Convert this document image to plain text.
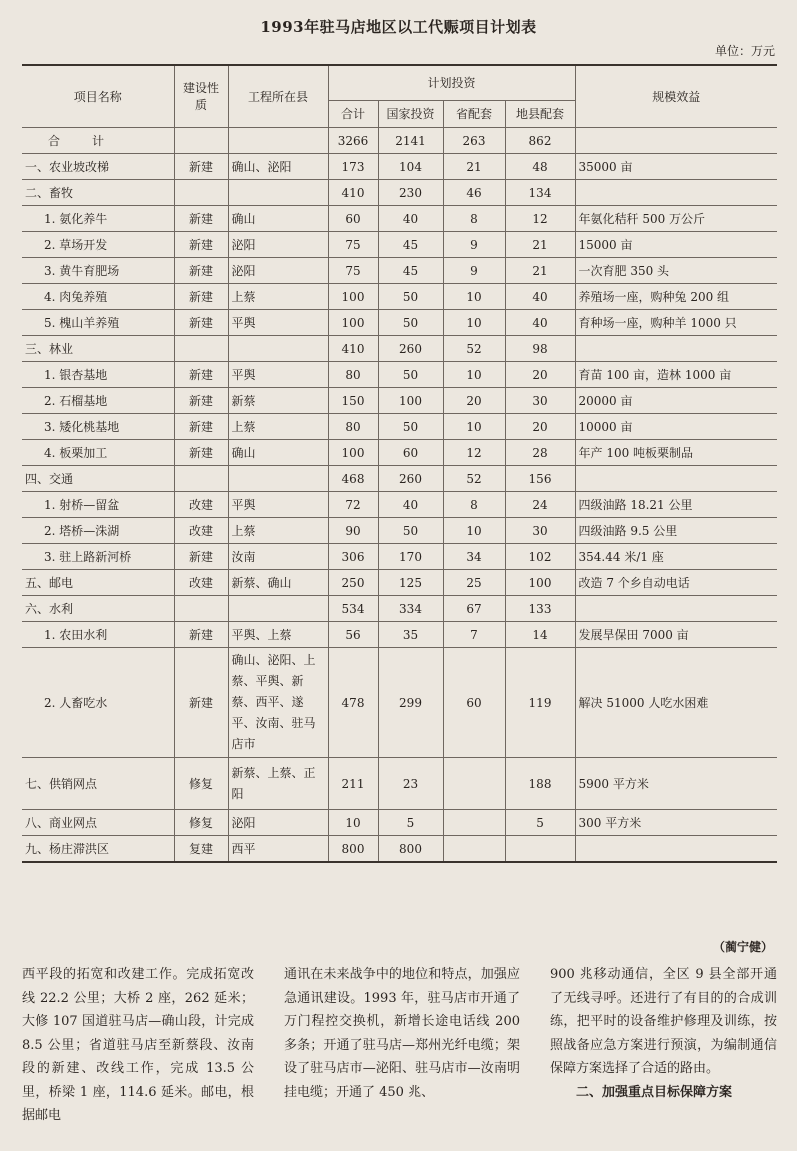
1993年驻马店地区以工代赈项目计划表
单位：万元
项目名称	建设性质	工程所在县	计划投资				规模效益
			合计	国家投资	省配套	地县配套	
合　计			3266	2141	263	862	
一、农业坡改梯	新建	确山、泌阳	173	104	21	48	35000 亩
二、畜牧			410	230	46	134	
1. 氨化养牛	新建	确山	60	40	8	12	年氨化秸秆 500 万公斤
2. 草场开发	新建	泌阳	75	45	9	21	15000 亩
3. 黄牛育肥场	新建	泌阳	75	45	9	21	一次育肥 350 头
4. 肉兔养殖	新建	上蔡	100	50	10	40	养殖场一座，购种兔 200 组
5. 槐山羊养殖	新建	平舆	100	50	10	40	育种场一座，购种羊 1000 只
三、林业			410	260	52	98	
1. 银杏基地	新建	平舆	80	50	10	20	育苗 100 亩，造林 1000 亩
2. 石榴基地	新建	新蔡	150	100	20	30	20000 亩
3. 矮化桃基地	新建	上蔡	80	50	10	20	10000 亩
4. 板栗加工	新建	确山	100	60	12	28	年产 100 吨板栗制品
四、交通			468	260	52	156	
1. 射桥—留盆	改建	平舆	72	40	8	24	四级油路 18.21 公里
2. 塔桥—洙湖	改建	上蔡	90	50	10	30	四级油路 9.5 公里
3. 驻上路新河桥	新建	汝南	306	170	34	102	354.44 米/1 座
五、邮电	改建	新蔡、确山	250	125	25	100	改造 7 个乡自动电话
六、水利			534	334	67	133	
1. 农田水利	新建	平舆、上蔡	56	35	7	14	发展旱保田 7000 亩
2. 人畜吃水	新建	确山、泌阳、上蔡、平舆、新蔡、西平、遂平、汝南、驻马店市	478	299	60	119	解决 51000 人吃水困难
七、供销网点	修复	新蔡、上蔡、正阳	211	23		188	5900 平方米
八、商业网点	修复	泌阳	10	5		5	300 平方米
九、杨庄滞洪区	复建	西平	800	800			
（蔺宁健）

西平段的拓宽和改建工作。完成拓宽改线 22.2 公里；大桥 2 座，262 延米；大修 107 国道驻马店—确山段，计完成 8.5 公里；省道驻马店至新蔡段、汝南段的新建、改线工作，完成 13.5 公里，桥梁 1 座，114.6 延米。邮电，根据邮电

通讯在未来战争中的地位和特点，加强应急通讯建设。1993 年，驻马店市开通了万门程控交换机，新增长途电话线 200 多条；开通了驻马店—郑州光纤电缆；架设了驻马店市—泌阳、驻马店市—汝南明挂电缆；开通了 450 兆、

900 兆移动通信，全区 9 县全部开通了无线寻呼。还进行了有目的的合成训练，把平时的设备维护修理及训练，按照战备应急方案进行预演，为编制通信保障方案选择了合适的路由。

二、加强重点目标保障方案
